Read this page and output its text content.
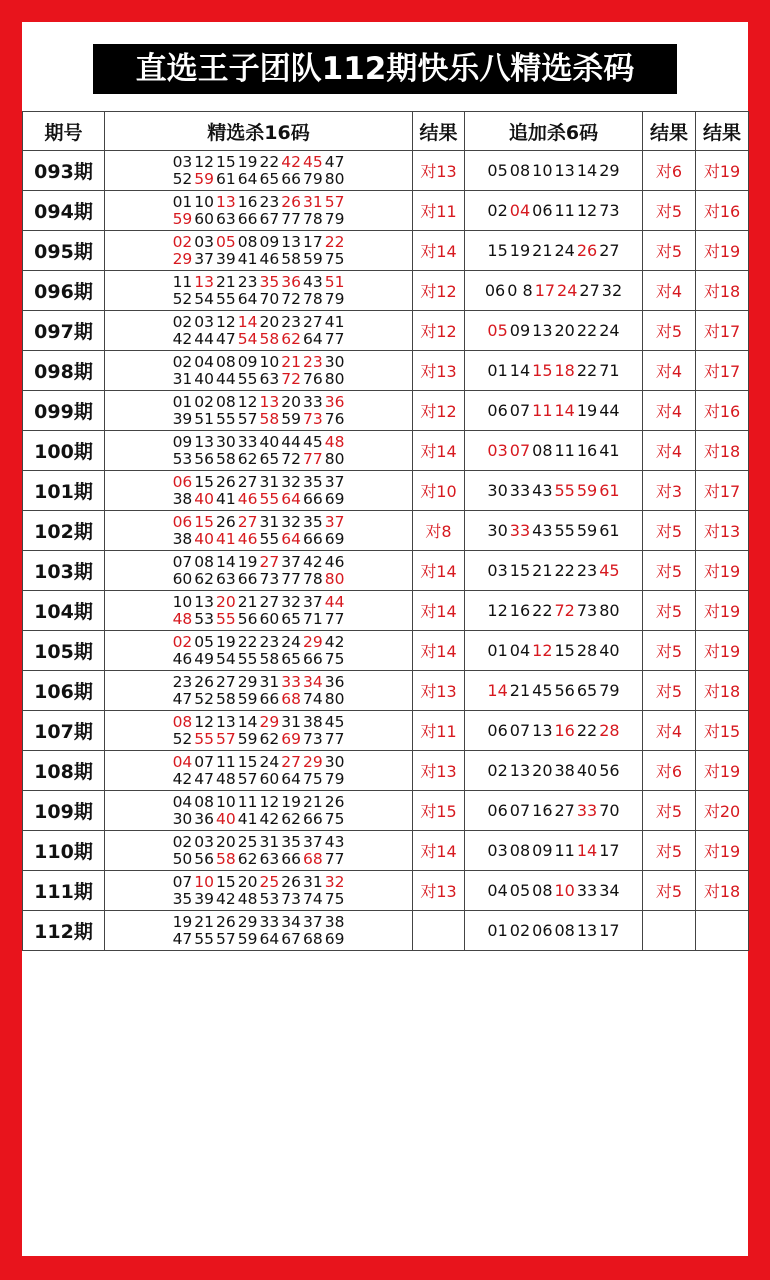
直选王子团队112期快乐八精选杀码
期号	精选杀16码	结果	追加杀6码	结果	结果
093期	03 12 15 19 22 42 45 47
52 59 61 64 65 66 79 80	对13	05 08 10 13 14 29	对6	对19
094期	01 10 13 16 23 26 31 57
59 60 63 66 67 77 78 79	对11	02 04 06 11 12 73	对5	对16
095期	02 03 05 08 09 13 17 22
29 37 39 41 46 58 59 75	对14	15 19 21 24 26 27	对5	对19
096期	11 13 21 23 35 36 43 51
52 54 55 64 70 72 78 79	对12	06 0 8 17 24 27 32	对4	对18
097期	02 03 12 14 20 23 27 41
42 44 47 54 58 62 64 77	对12	05 09 13 20 22 24	对5	对17
098期	02 04 08 09 10 21 23 30
31 40 44 55 63 72 76 80	对13	01 14 15 18 22 71	对4	对17
099期	01 02 08 12 13 20 33 36
39 51 55 57 58 59 73 76	对12	06 07 11 14 19 44	对4	对16
100期	09 13 30 33 40 44 45 48
53 56 58 62 65 72 77 80	对14	03 07 08 11 16 41	对4	对18
101期	06 15 26 27 31 32 35 37
38 40 41 46 55 64 66 69	对10	30 33 43 55 59 61	对3	对17
102期	06 15 26 27 31 32 35 37
38 40 41 46 55 64 66 69	对8	30 33 43 55 59 61	对5	对13
103期	07 08 14 19 27 37 42 46
60 62 63 66 73 77 78 80	对14	03 15 21 22 23 45	对5	对19
104期	10 13 20 21 27 32 37 44
48 53 55 56 60 65 71 77	对14	12 16 22 72 73 80	对5	对19
105期	02 05 19 22 23 24 29 42
46 49 54 55 58 65 66 75	对14	01 04 12 15 28 40	对5	对19
106期	23 26 27 29 31 33 34 36
47 52 58 59 66 68 74 80	对13	14 21 45 56 65 79	对5	对18
107期	08 12 13 14 29 31 38 45
52 55 57 59 62 69 73 77	对11	06 07 13 16 22 28	对4	对15
108期	04 07 11 15 24 27 29 30
42 47 48 57 60 64 75 79	对13	02 13 20 38 40 56	对6	对19
109期	04 08 10 11 12 19 21 26
30 36 40 41 42 62 66 75	对15	06 07 16 27 33 70	对5	对20
110期	02 03 20 25 31 35 37 43
50 56 58 62 63 66 68 77	对14	03 08 09 11 14 17	对5	对19
111期	07 10 15 20 25 26 31 32
35 39 42 48 53 73 74 75	对13	04 05 08 10 33 34	对5	对18
112期	19 21 26 29 33 34 37 38
47 55 57 59 64 67 68 69		01 02 06 08 13 17		
